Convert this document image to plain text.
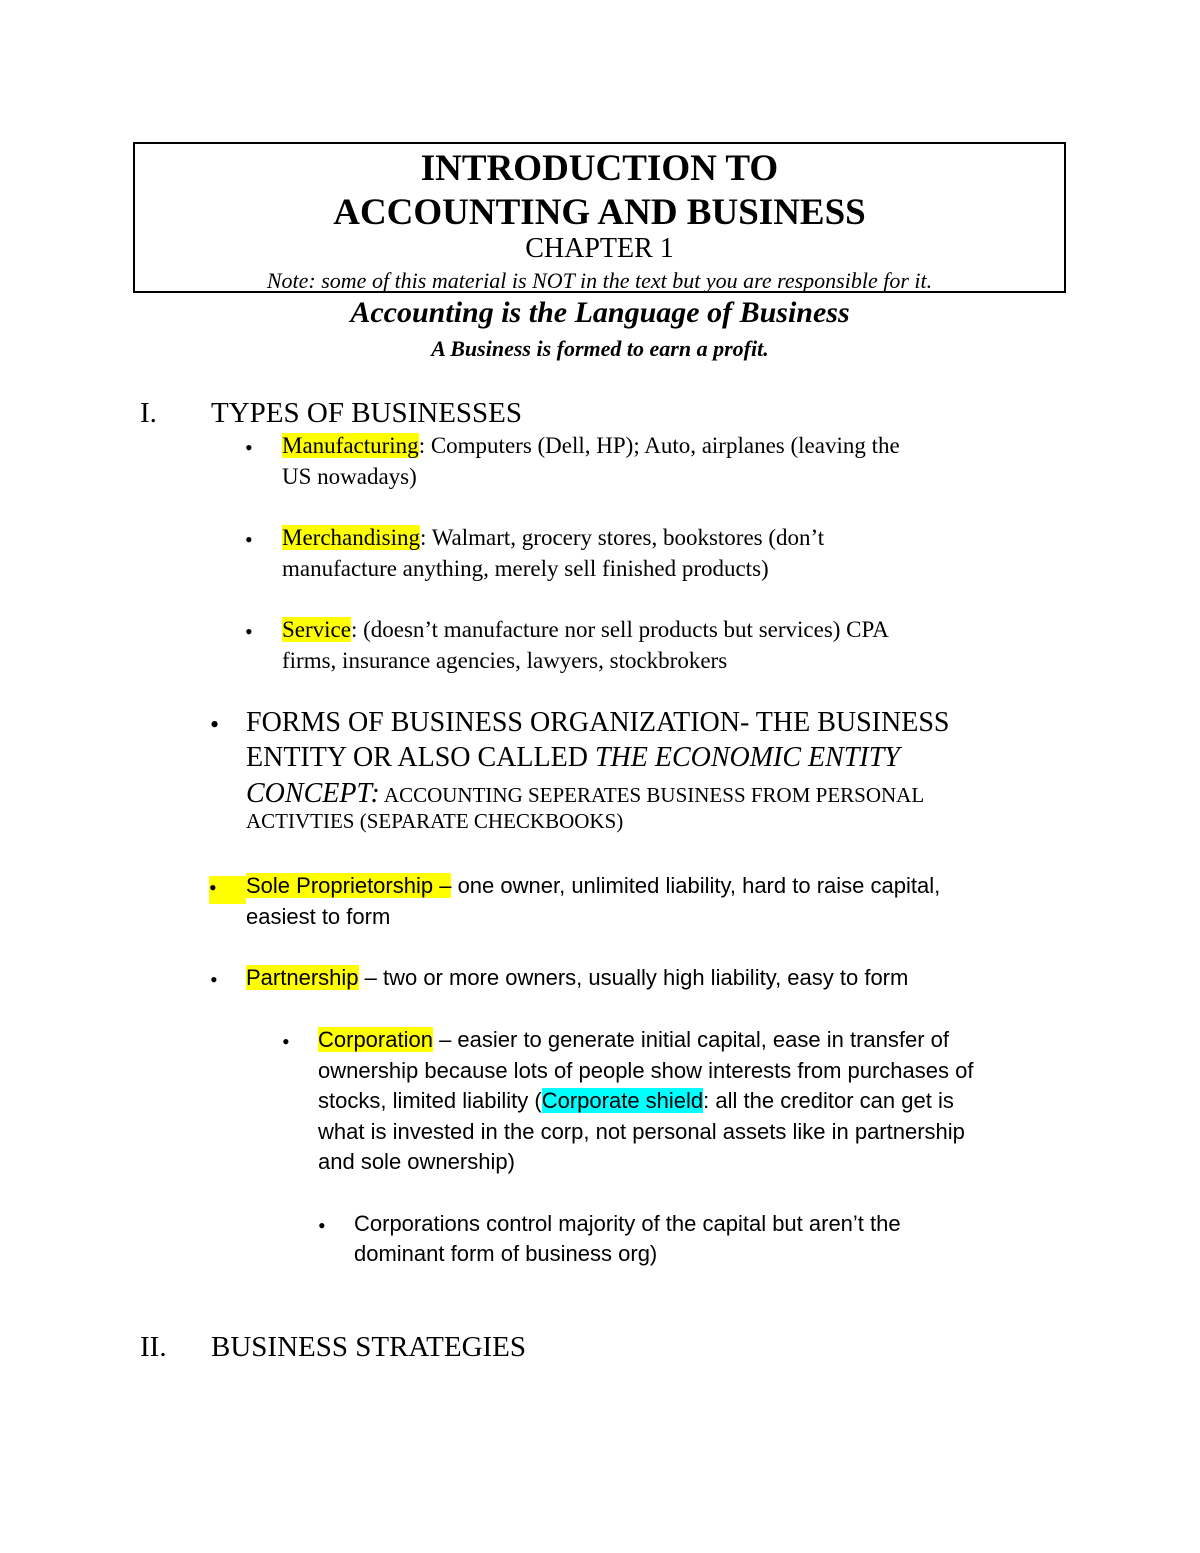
INTRODUCTION TO
ACCOUNTING AND BUSINESS
CHAPTER 1
Note: some of this material is NOT in the text but you are responsible for it.
Accounting is the Language of Business
A Business is formed to earn a profit.
I. TYPES OF BUSINESSES
• Manufacturing: Computers (Dell, HP); Auto, airplanes (leaving the
US nowadays)
• Merchandising: Walmart, grocery stores, bookstores (don’t
manufacture anything, merely sell finished products)
• Service: (doesn’t manufacture nor sell products but services) CPA
firms, insurance agencies, lawyers, stockbrokers
• FORMS OF BUSINESS ORGANIZATION- THE BUSINESS
ENTITY OR ALSO CALLED THE ECONOMIC ENTITY
CONCEPT: ACCOUNTING SEPERATES BUSINESS FROM PERSONAL
ACTIVTIES (SEPARATE CHECKBOOKS)
•	Sole Proprietorship – one owner, unlimited liability, hard to raise capital,
easiest to form
• Partnership – two or more owners, usually high liability, easy to form
• Corporation – easier to generate initial capital, ease in transfer of
ownership because lots of people show interests from purchases of
stocks, limited liability (Corporate shield: all the creditor can get is
what is invested in the corp, not personal assets like in partnership
and sole ownership)
• Corporations control majority of the capital but aren’t the
dominant form of business org)
II. BUSINESS STRATEGIES
